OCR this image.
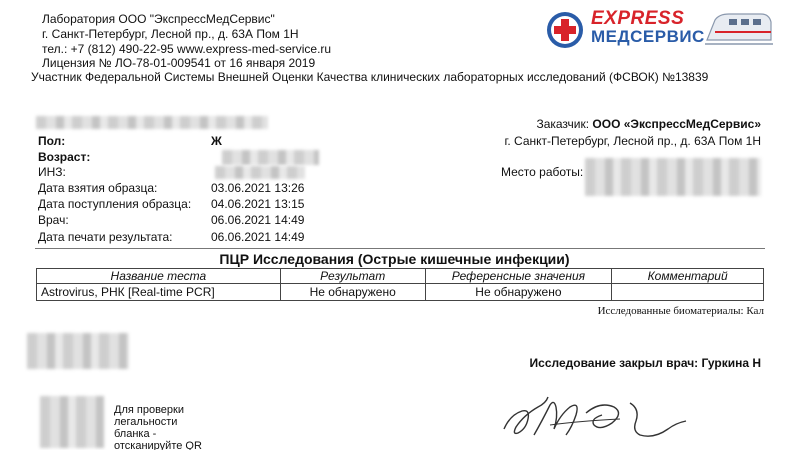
Лаборатория ООО "ЭкспрессМедСервис"
г. Санкт-Петербург, Лесной пр., д. 63А Пом 1Н
тел.: +7 (812) 490-22-95 www.express-med-service.ru
Лицензия № ЛО-78-01-009541 от 16 января 2019
Участник Федеральной Системы Внешней Оценки Качества клинических лабораторных исследований (ФСВОК) №13839
EXPRESS
МЕДСЕРВИС
Пол:	Ж
Возраст:
ИНЗ:
Дата взятия образца:	03.06.2021 13:26
Дата поступления образца: 04.06.2021 13:15
Врач:	06.06.2021 14:49
Дата печати результата:	06.06.2021 14:49
Заказчик: ООО «ЭкспрессМедСервис»
г. Санкт-Петербург, Лесной пр., д. 63А Пом 1Н
Место работы:
ПЦР Исследования (Острые кишечные инфекции)
Название теста	Результат	Референсные значения	Комментарий
Astrovirus, РНК [Real-time PCR]	Не обнаружено	Не обнаружено	
Исследованные биоматериалы: Кал
Исследование закрыл врач: Гуркина Н
Для проверки
легальности
бланка -
отсканируйте QR
